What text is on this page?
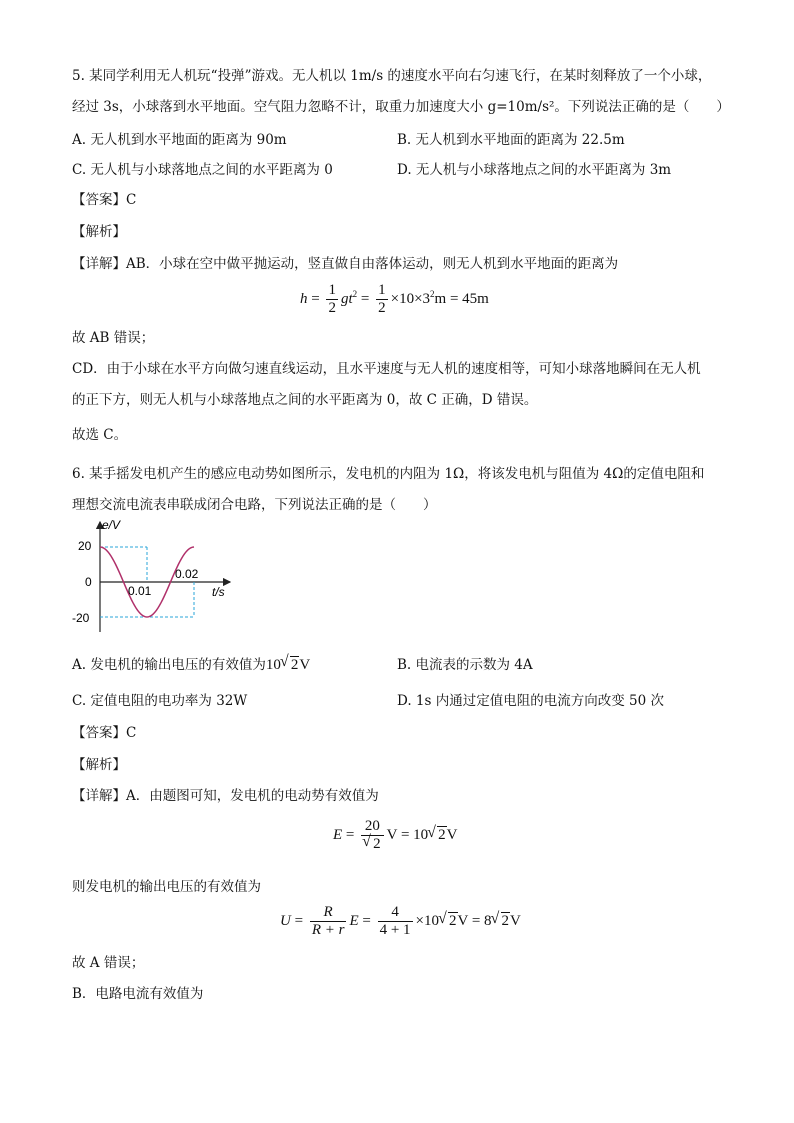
5. 某同学利用无人机玩“投弹”游戏。无人机以 1m/s 的速度水平向右匀速飞行，在某时刻释放了一个小球，
经过 3s，小球落到水平地面。空气阻力忽略不计，取重力加速度大小 g=10m/s²。下列说法正确的是（　　）
A. 无人机到水平地面的距离为 90m	B. 无人机到水平地面的距离为 22.5m
C. 无人机与小球落地点之间的水平距离为 0	D. 无人机与小球落地点之间的水平距离为 3m
【答案】C
【解析】
【详解】AB．小球在空中做平抛运动，竖直做自由落体运动，则无人机到水平地面的距离为
$h = \frac{1}{2} gt^2 = \frac{1}{2} \times 10\times 3^2m = 45m$
故 AB 错误；
CD．由于小球在水平方向做匀速直线运动，且水平速度与无人机的速度相等，可知小球落地瞬间在无人机
的正下方，则无人机与小球落地点之间的水平距离为 0，故 C 正确，D 错误。
故选 C。
6. 某手摇发电机产生的感应电动势如图所示，发电机的内阻为 1Ω，将该发电机与阻值为 4Ω的定值电阻和
理想交流电流表串联成闭合电路，下列说法正确的是（　　）
e/V
t/s
20
0
-20
0.01
0.02
A. 发电机的输出电压的有效值为10√ 2V	B. 电流表的示数为 4A
C. 定值电阻的电功率为 32W	D. 1s 内通过定值电阻的电流方向改变 50 次
【答案】C
【解析】
【详解】A．由题图可知，发电机的电动势有效值为
E = 20
√ 2 V = 10√ 2V
则发电机的输出电压的有效值为
$U = \frac{R}{R + r}$ $E = \frac{4}{4 + 1} \times 10√$ 2V = 8√ 2V
故 A 错误；
B．电路电流有效值为
